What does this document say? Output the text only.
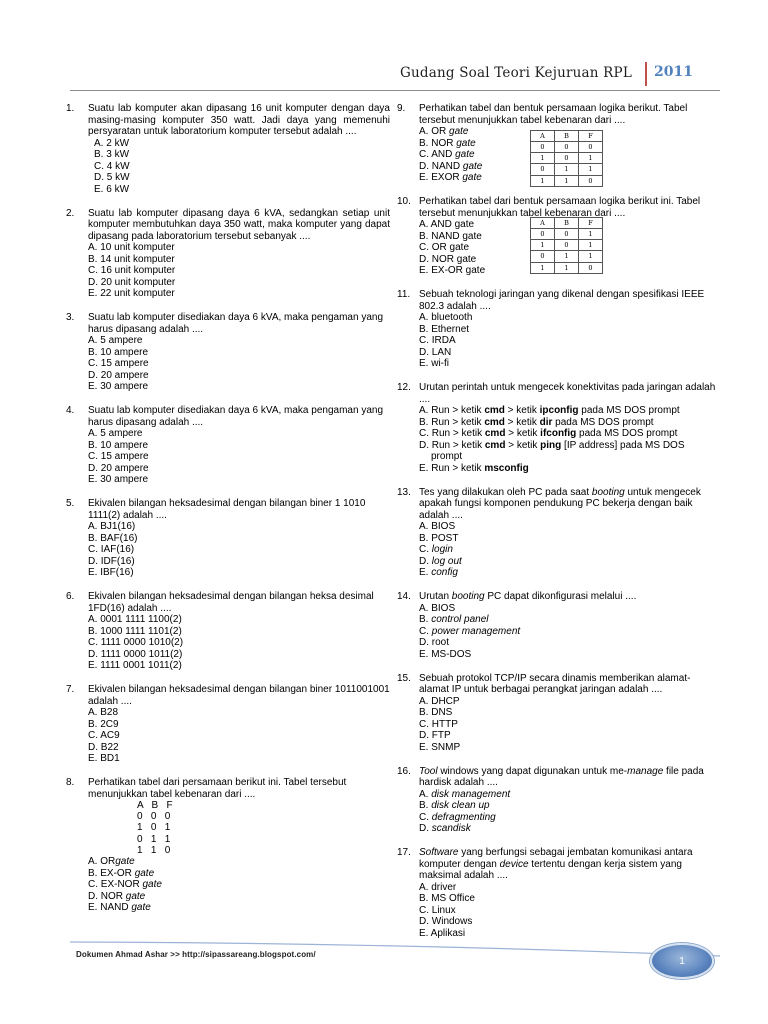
Gudang Soal Teori Kejuruan RPL 2011
1.	Suatu lab komputer akan dipasang 16 unit komputer dengan daya masing-masing komputer 350 watt. Jadi daya yang memenuhi persyaratan untuk laboratorium komputer tersebut adalah ....
A. 2 kW
B. 3 kW
C. 4 kW
D. 5 kW
E. 6 kW
2.	Suatu lab komputer dipasang daya 6 kVA, sedangkan setiap unit komputer membutuhkan daya 350 watt, maka komputer yang dapat dipasang pada laboratorium tersebut sebanyak ....
A. 10 unit komputer
B. 14 unit komputer
C. 16 unit komputer
D. 20 unit komputer
E. 22 unit komputer
3.	Suatu lab komputer disediakan daya 6 kVA, maka pengaman yang harus dipasang adalah ....
A. 5 ampere
B. 10 ampere
C. 15 ampere
D. 20 ampere
E. 30 ampere
4.	Suatu lab komputer disediakan daya 6 kVA, maka pengaman yang harus dipasang adalah ....
A. 5 ampere
B. 10 ampere
C. 15 ampere
D. 20 ampere
E. 30 ampere
5.	Ekivalen bilangan heksadesimal dengan bilangan biner 1 1010 1111(2) adalah ....
A. BJ1(16)
B. BAF(16)
C. IAF(16)
D. IDF(16)
E. IBF(16)
6.	Ekivalen bilangan heksadesimal dengan bilangan heksa desimal 1FD(16) adalah ....
A. 0001 1111 1100(2)
B. 1000 1111 1101(2)
C. 1111 0000 1010(2)
D. 1111 0000 1011(2)
E. 1111 0001 1011(2)
7.	Ekivalen bilangan heksadesimal dengan bilangan biner 1011001001 adalah ....
A. B28
B. 2C9
C. AC9
D. B22
E. BD1
8.	Perhatikan tabel dari persamaan berikut ini. Tabel tersebut menunjukkan tabel kebenaran dari ....
A   B   F
0   0   0
1   0   1
0   1   1
1   1   0
A. ORgate
B. EX-OR gate
C. EX-NOR gate
D. NOR gate
E. NAND gate
9.	Perhatikan tabel dan bentuk persamaan logika berikut. Tabel tersebut menunjukkan tabel kebenaran dari ....
A. OR gate
B. NOR gate
C. AND gate
D. NAND gate
E. EXOR gate
A	B	F
0	0	0
1	0	1
0	1	1
1	1	0
10. Perhatikan tabel dari bentuk persamaan logika berikut ini. Tabel tersebut menunjukkan tabel kebenaran dari ....
A. AND gate
B. NAND gate
C. OR gate
D. NOR gate
E. EX-OR gate
A	B	F
0	0	1
1	0	1
0	1	1
1	1	0
11. Sebuah teknologi jaringan yang dikenal dengan spesifikasi IEEE 802.3 adalah ....
A. bluetooth
B. Ethernet
C. IRDA
D. LAN
E. wi-fi
12. Urutan perintah untuk mengecek konektivitas pada jaringan adalah ....
A. Run > ketik cmd > ketik ipconfig pada MS DOS prompt
B. Run > ketik cmd > ketik dir pada MS DOS prompt
C. Run > ketik cmd > ketik ifconfig pada MS DOS prompt
D. Run > ketik cmd > ketik ping [IP address] pada MS DOS
prompt
E. Run > ketik msconfig
13. Tes yang dilakukan oleh PC pada saat booting untuk mengecek apakah fungsi komponen pendukung PC bekerja dengan baik adalah ....
A. BIOS
B. POST
C. login
D. log out
E. config
14. Urutan booting PC dapat dikonfigurasi melalui ....
A. BIOS
B. control panel
C. power management
D. root
E. MS-DOS
15. Sebuah protokol TCP/IP secara dinamis memberikan alamat-alamat IP untuk berbagai perangkat jaringan adalah ....
A. DHCP
B. DNS
C. HTTP
D. FTP
E. SNMP
16. Tool windows yang dapat digunakan untuk me-manage file pada hardisk adalah ....
A. disk management
B. disk clean up
C. defragmenting
D. scandisk
17. Software yang berfungsi sebagai jembatan komunikasi antara komputer dengan device tertentu dengan kerja sistem yang maksimal adalah ....
A. driver
B. MS Office
C. Linux
D. Windows
E. Aplikasi
Dokumen Ahmad Ashar >> http://sipassareang.blogspot.com/
1
